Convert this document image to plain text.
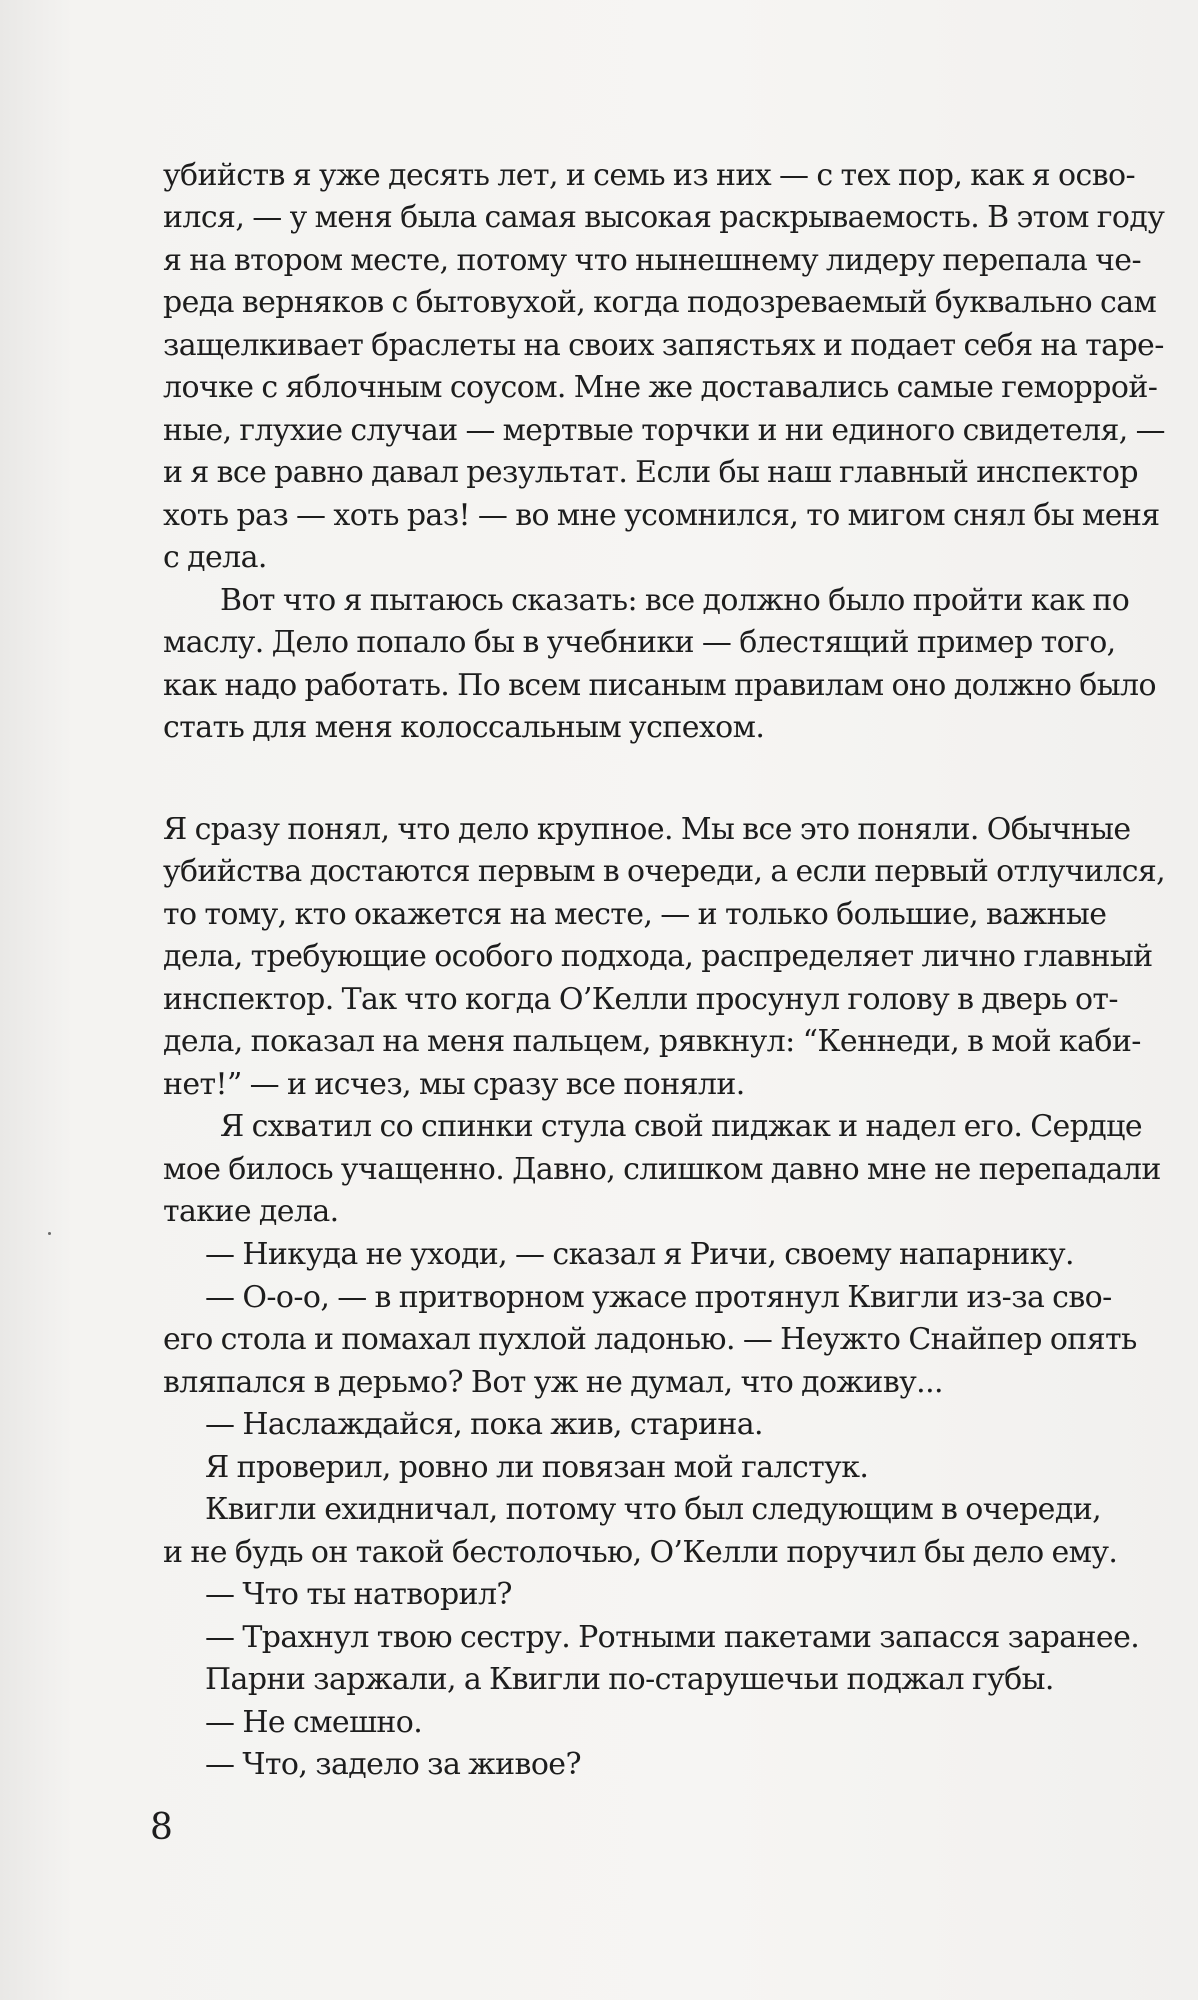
убийств я уже десять лет, и семь из них — с тех пор, как я осво-
ился, — у меня была самая высокая раскрываемость. В этом году
я на втором месте, потому что нынешнему лидеру перепала че-
реда верняков с бытовухой, когда подозреваемый буквально сам
защелкивает браслеты на своих запястьях и подает себя на таре-
лочке с яблочным соусом. Мне же доставались самые геморрой-
ные, глухие случаи — мертвые торчки и ни единого свидетеля, —
и я все равно давал результат. Если бы наш главный инспектор
хоть раз — хоть раз! — во мне усомнился, то мигом снял бы меня
с дела.
Вот что я пытаюсь сказать: все должно было пройти как по
маслу. Дело попало бы в учебники — блестящий пример того,
как надо работать. По всем писаным правилам оно должно было
стать для меня колоссальным успехом.
Я сразу понял, что дело крупное. Мы все это поняли. Обычные
убийства достаются первым в очереди, а если первый отлучился,
то тому, кто окажется на месте, — и только большие, важные
дела, требующие особого подхода, распределяет лично главный
инспектор. Так что когда О’Келли просунул голову в дверь от-
дела, показал на меня пальцем, рявкнул: “Кеннеди, в мой каби-
нет!” — и исчез, мы сразу все поняли.
Я схватил со спинки стула свой пиджак и надел его. Сердце
мое билось учащенно. Давно, слишком давно мне не перепадали
такие дела.
— Никуда не уходи, — сказал я Ричи, своему напарнику.
— О-о-о, — в притворном ужасе протянул Квигли из-за сво-
его стола и помахал пухлой ладонью. — Неужто Снайпер опять
вляпался в дерьмо? Вот уж не думал, что доживу...
— Наслаждайся, пока жив, старина.
Я проверил, ровно ли повязан мой галстук.
Квигли ехидничал, потому что был следующим в очереди,
и не будь он такой бестолочью, О’Келли поручил бы дело ему.
— Что ты натворил?
— Трахнул твою сестру. Ротными пакетами запасся заранее.
Парни заржали, а Квигли по-старушечьи поджал губы.
— Не смешно.
— Что, задело за живое?
8
